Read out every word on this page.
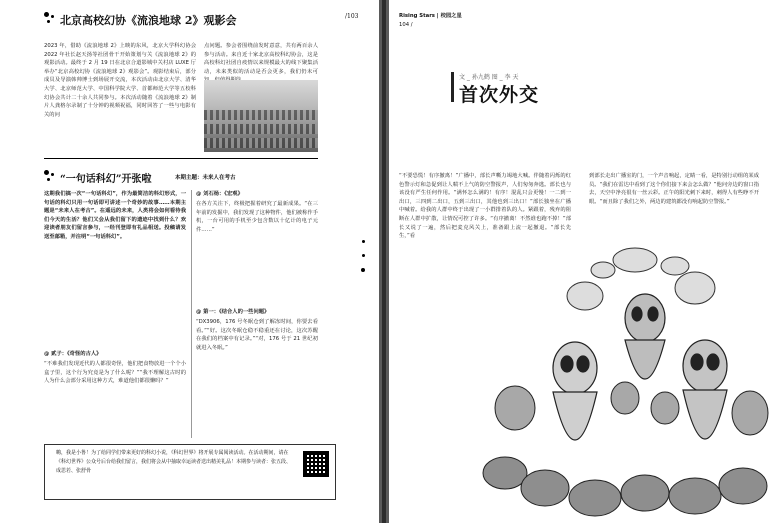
/103
北京高校幻协《流浪地球 2》观影会
2023 年，借助《流浪地球 2》上映的东风，北京大学科幻协会 2022 年社长赵天扬等社团骨干开始策划与关《流浪地球 2》的观影活动。最终于 2 月 19 日在北京合道影城中关村店 LUXE 厅举办“北京高校幻协《流浪地球 2》观影会”。观影结束后，部分成员及导演韩帅博士到场展开交流，本次活动由北京大学、清华大学、北京师范大学、中国科学院大学、首都师范大学等五校科幻协会共计二十余人共同参与。本次活动随着《流浪地球 2》制片人龚格尔录制了十分钟的视频祝福，同时回答了一些与电影有关的问
点问题。参会者围绕前发时意意，共有两百余人参与活动。来自近十家北京高校科幻协会，这是高校科幻社团自疫情以来规模最大的线下聚集活动，未来类似的活动是否会更多，我们仍未可
“一句话科幻”开张啦	本期主题：未来人在考古
这期我们搞一次“一句话科幻”，作为最简洁的科幻形式，一句话的科幻只用一句话即可讲述一个奇妙的故事……本期主题是“未来人在考古”。在遥远的未来，人类将会如何看待我们今天的生活？他们又会从我们留下的遗迹中找到什么？欢迎读者朋友们留言参与，一经刊登即有礼品相送。投稿请发送至邮箱，并注明“一句话科幻”。
@ 刘石杨：《宏观》
在各方关注下，终极把握着研究了最新成果。“在三年前的发掘中，我们发现了这种物件，他们被称作手机，一台可用的手机至少包含数以十亿计的电子元件……”
@ 第一：《结合人的一些问题》
“DX3906，176 号冬眠仓到了解冻时间，你要去看看。”“好。这次冬眠仓稳不稳重还在讨论，这次苏醒在我们的档案中有记录。”“对，176 号于 21 世纪初就进入冬眠。”
@ 贰子：《奇怪的古人》
“不难我们发现近代的人都很奇怪，他们把食物放进一个个小盒子里，这个行为究竟是为了什么呢？”“我不理解这古时的人为什么会部分采用这种方式，难道他们都很懒吗？”
嗨，我是小鲁！为了给同学们带来更好的科幻小说，《科幻世界》将开展专属阅读活动。在活动期间，请在《科幻世界》公众号后台给我们留言，我们将会从中抽取幸运读者送出精美礼品！本期参与读者：张五段、成思若、张舒骨
Rising Stars | 校园之星
104 /
文 _ 孙九鹤 图 _ 李 天
首次外交
“不要恐慌！有序撤离！”广播中，部长声嘶力竭地大喊。伴随着闪烁的红色警示灯和急促到让人喘不上气的防空警报声，人们匆匆奔逃。部长也与该没有严生任何作用。“满怀怎么满的！有序！混乱只会更慢！一二到一出口，三四到二出口，五到三出口，其他也到三出口！”部长独坐在广播中喊着。给我的人群中终于出现了一小群排着队的人。紧跟着，残弃的阻断在人群中扩散，让情况可控了许多。“有序撤离！不然谁也跑不掉！”部长又说了一遍，然后把麦克风关上，准备跟上流一起撤退。“部长先生，”看
到部长走出广播室的门，一个声音响起，定睛一看，是特别行动组的某成员。“我们在雷达中看到了这个你们接下来会怎么做？”他问旁边的窗口指去，天空中净亮很有一丝云彩。正午的阳光刺下来时，刺得人有些睁不开眼。“而且除了我们之外，两边的建筑都没有响起防空警报。”
